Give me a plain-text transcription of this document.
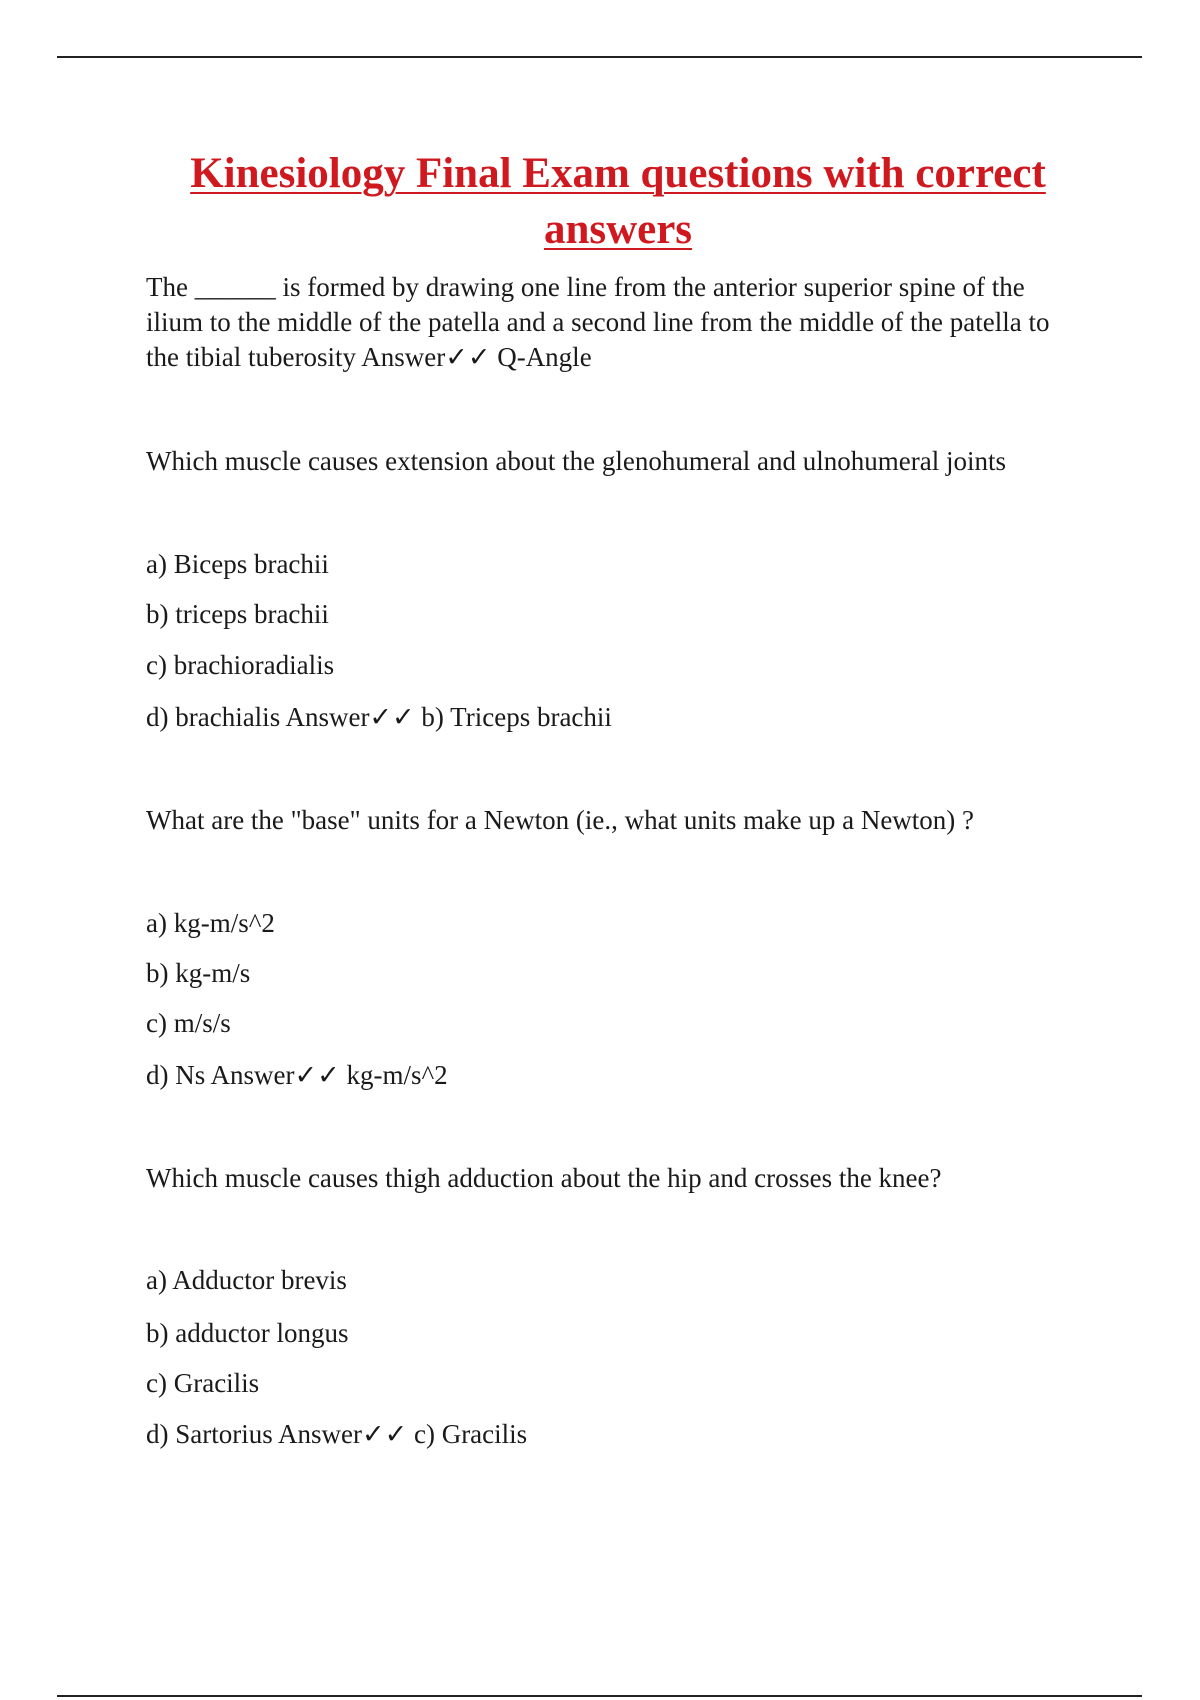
Kinesiology Final Exam questions with correct answers

The ______ is formed by drawing one line from the anterior superior spine of the ilium to the middle of the patella and a second line from the middle of the patella to the tibial tuberosity Answer✓✓ Q-Angle

Which muscle causes extension about the glenohumeral and ulnohumeral joints

a) Biceps brachii

b) triceps brachii

c) brachioradialis

d) brachialis Answer✓✓ b) Triceps brachii

What are the "base" units for a Newton (ie., what units make up a Newton) ?

a) kg-m/s^2

b) kg-m/s

c) m/s/s

d) Ns Answer✓✓ kg-m/s^2

Which muscle causes thigh adduction about the hip and crosses the knee?

a) Adductor brevis

b) adductor longus

c) Gracilis

d) Sartorius Answer✓✓ c) Gracilis
